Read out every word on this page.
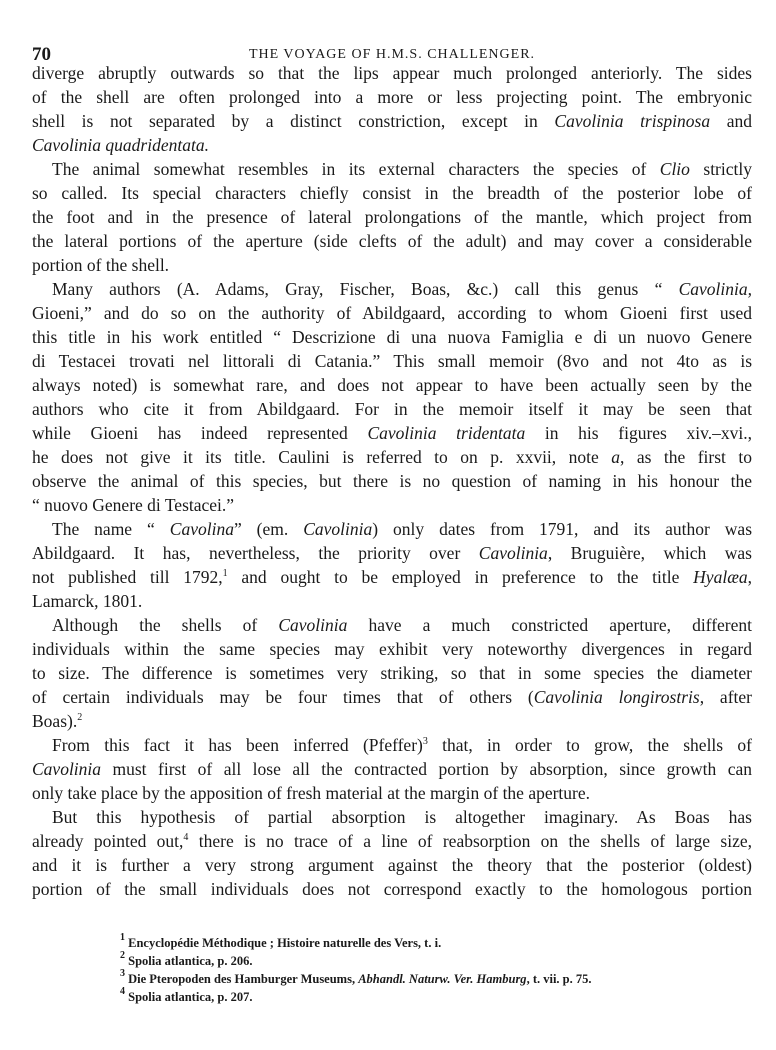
70	THE VOYAGE OF H.M.S. CHALLENGER.
diverge abruptly outwards so that the lips appear much prolonged anteriorly. The sides
of the shell are often prolonged into a more or less projecting point. The embryonic
shell is not separated by a distinct constriction, except in Cavolinia trispinosa and
Cavolinia quadridentata.
The animal somewhat resembles in its external characters the species of Clio strictly
so called. Its special characters chiefly consist in the breadth of the posterior lobe of
the foot and in the presence of lateral prolongations of the mantle, which project from
the lateral portions of the aperture (side clefts of the adult) and may cover a considerable
portion of the shell.
Many authors (A. Adams, Gray, Fischer, Boas, &c.) call this genus “ Cavolinia,
Gioeni,” and do so on the authority of Abildgaard, according to whom Gioeni first used
this title in his work entitled “ Descrizione di una nuova Famiglia e di un nuovo Genere
di Testacei trovati nel littorali di Catania.” This small memoir (8vo and not 4to as is
always noted) is somewhat rare, and does not appear to have been actually seen by the
authors who cite it from Abildgaard. For in the memoir itself it may be seen that
while Gioeni has indeed represented Cavolinia tridentata in his figures xiv.–xvi.,
he does not give it its title. Caulini is referred to on p. xxvii, note a, as the first to
observe the animal of this species, but there is no question of naming in his honour the
“ nuovo Genere di Testacei.”
The name “ Cavolina” (em. Cavolinia) only dates from 1791, and its author was
Abildgaard. It has, nevertheless, the priority over Cavolinia, Bruguière, which was
not published till 1792,$^1$ and ought to be employed in preference to the title Hyalæa,
Lamarck, 1801.
Although the shells of Cavolinia have a much constricted aperture, different
individuals within the same species may exhibit very noteworthy divergences in regard
to size. The difference is sometimes very striking, so that in some species the diameter
of certain individuals may be four times that of others (Cavolinia longirostris, after
Boas).$^2$
From this fact it has been inferred (Pfeffer)$^3$ that, in order to grow, the shells of
Cavolinia must first of all lose all the contracted portion by absorption, since growth can
only take place by the apposition of fresh material at the margin of the aperture.
But this hypothesis of partial absorption is altogether imaginary. As Boas has
already pointed out,$^4$ there is no trace of a line of reabsorption on the shells of large size,
and it is further a very strong argument against the theory that the posterior (oldest)
portion of the small individuals does not correspond exactly to the homologous portion
$^1$ Encyclopédie Méthodique ; Histoire naturelle des Vers, t. i.
$^2$ Spolia atlantica, p. 206.
$^3$ Die Pteropoden des Hamburger Museums, Abhandl. Naturw. Ver. Hamburg, t. vii. p. 75.
$^4$ Spolia atlantica, p. 207.
